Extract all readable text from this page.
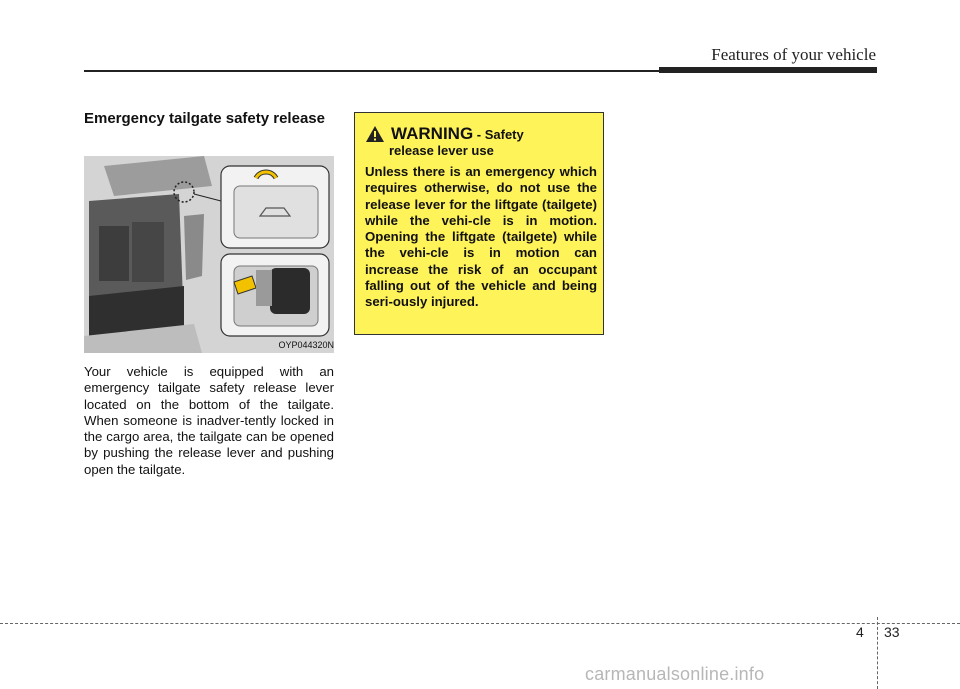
Features of your vehicle
Emergency tailgate safety release
OYP044320N

Your vehicle is equipped with an emergency tailgate safety release lever located on the bottom of the tailgate. When someone is inadver-tently locked in the cargo area, the tailgate can be opened by pushing the release lever and pushing open the tailgate.

WARNING - Safety
release lever use

Unless there is an emergency which requires otherwise, do not use the release lever for the liftgate (tailgete) while the vehi-cle is in motion. Opening the liftgate (tailgete) while the vehi-cle is in motion can increase the risk of an occupant falling out of the vehicle and being seri-ously injured.

4 33
carmanualsonline.info
